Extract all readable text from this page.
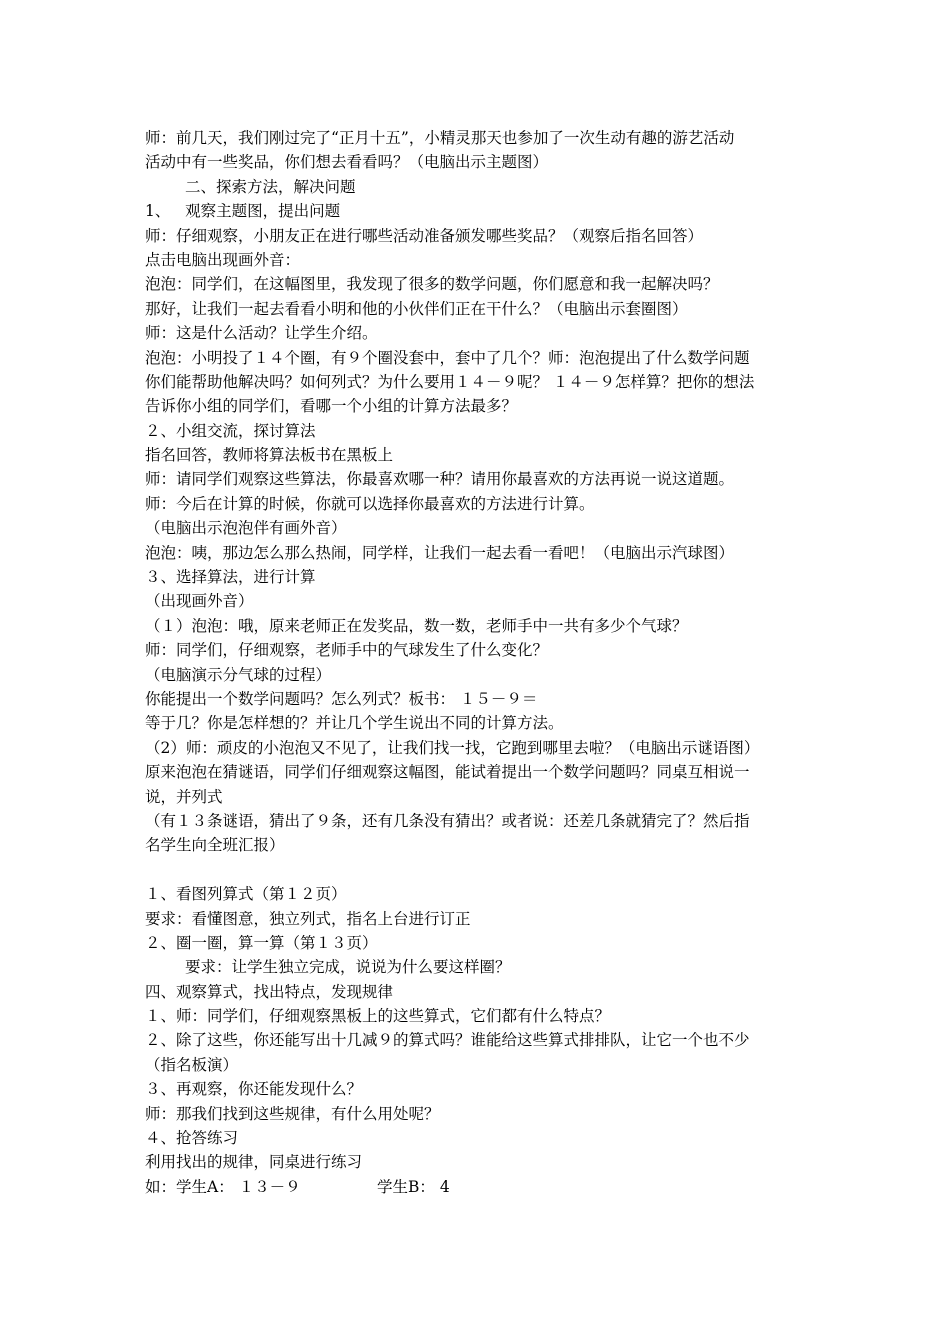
师：前几天，我们刚过完了“正月十五”，小精灵那天也参加了一次生动有趣的游艺活动
活动中有一些奖品，你们想去看看吗？（电脑出示主题图）
二、探索方法，解决问题
1、   观察主题图，提出问题
师：仔细观察，小朋友正在进行哪些活动准备颁发哪些奖品？（观察后指名回答）
点击电脑出现画外音：
泡泡：同学们，在这幅图里，我发现了很多的数学问题，你们愿意和我一起解决吗？
那好，让我们一起去看看小明和他的小伙伴们正在干什么？（电脑出示套圈图）
师：这是什么活动？让学生介绍。
泡泡：小明投了１４个圈，有９个圈没套中，套中了几个？师：泡泡提出了什么数学问题
你们能帮助他解决吗？如何列式？为什么要用１４－９呢？ １４－９怎样算？把你的想法
告诉你小组的同学们，看哪一个小组的计算方法最多？
２、小组交流，探讨算法
指名回答，教师将算法板书在黑板上
师：请同学们观察这些算法，你最喜欢哪一种？请用你最喜欢的方法再说一说这道题。
师：今后在计算的时候，你就可以选择你最喜欢的方法进行计算。
（电脑出示泡泡伴有画外音）
泡泡：咦，那边怎么那么热闹，同学样，让我们一起去看一看吧！（电脑出示汽球图）
３、选择算法，进行计算
（出现画外音）
（１）泡泡：哦，原来老师正在发奖品，数一数，老师手中一共有多少个气球？
师：同学们，仔细观察，老师手中的气球发生了什么变化？
（电脑演示分气球的过程）
你能提出一个数学问题吗？怎么列式？板书： １５－９＝
等于几？你是怎样想的？并让几个学生说出不同的计算方法。
（2）师：顽皮的小泡泡又不见了，让我们找一找，它跑到哪里去啦？（电脑出示谜语图）
原来泡泡在猜谜语，同学们仔细观察这幅图，能试着提出一个数学问题吗？同桌互相说一
说，并列式
（有１３条谜语，猜出了９条，还有几条没有猜出？或者说：还差几条就猜完了？然后指
名学生向全班汇报）
１、看图列算式（第１２页）
要求：看懂图意，独立列式，指名上台进行订正
２、圈一圈，算一算（第１３页）
要求：让学生独立完成，说说为什么要这样圈？
四、观察算式，找出特点，发现规律
１、师：同学们，仔细观察黑板上的这些算式，它们都有什么特点？
２、除了这些，你还能写出十几减９的算式吗？谁能给这些算式排排队，让它一个也不少
（指名板演）
３、再观察，你还能发现什么？
师：那我们找到这些规律，有什么用处呢？
４、抢答练习
利用找出的规律，同桌进行练习
如：学生A： １３－９	学生B： 4
